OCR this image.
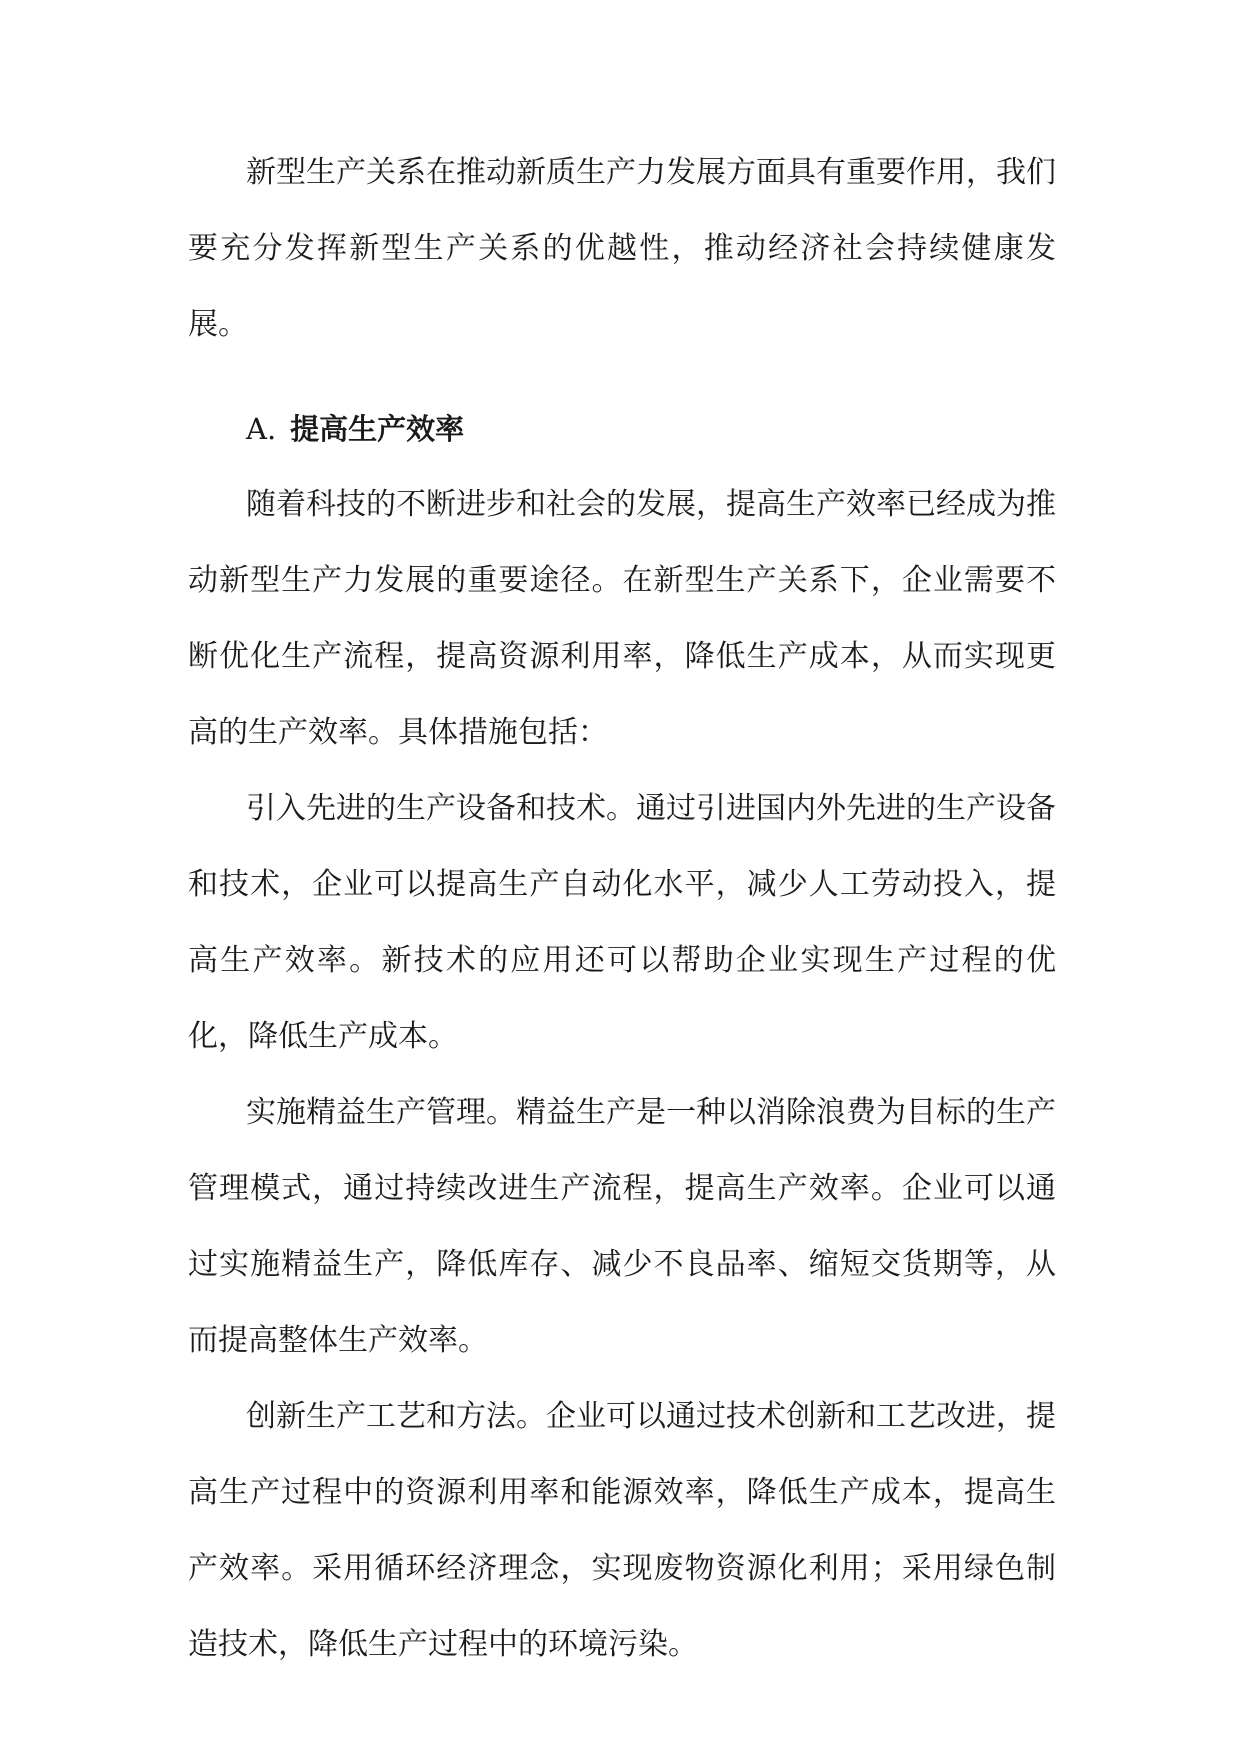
新型生产关系在推动新质生产力发展方面具有重要作用，我们要充分发挥新型生产关系的优越性，推动经济社会持续健康发展。

A. 提高生产效率

随着科技的不断进步和社会的发展，提高生产效率已经成为推动新型生产力发展的重要途径。在新型生产关系下，企业需要不断优化生产流程，提高资源利用率，降低生产成本，从而实现更高的生产效率。具体措施包括：

引入先进的生产设备和技术。通过引进国内外先进的生产设备和技术，企业可以提高生产自动化水平，减少人工劳动投入，提高生产效率。新技术的应用还可以帮助企业实现生产过程的优化，降低生产成本。

实施精益生产管理。精益生产是一种以消除浪费为目标的生产管理模式，通过持续改进生产流程，提高生产效率。企业可以通过实施精益生产，降低库存、减少不良品率、缩短交货期等，从而提高整体生产效率。

创新生产工艺和方法。企业可以通过技术创新和工艺改进，提高生产过程中的资源利用率和能源效率，降低生产成本，提高生产效率。采用循环经济理念，实现废物资源化利用；采用绿色制造技术，降低生产过程中的环境污染。
